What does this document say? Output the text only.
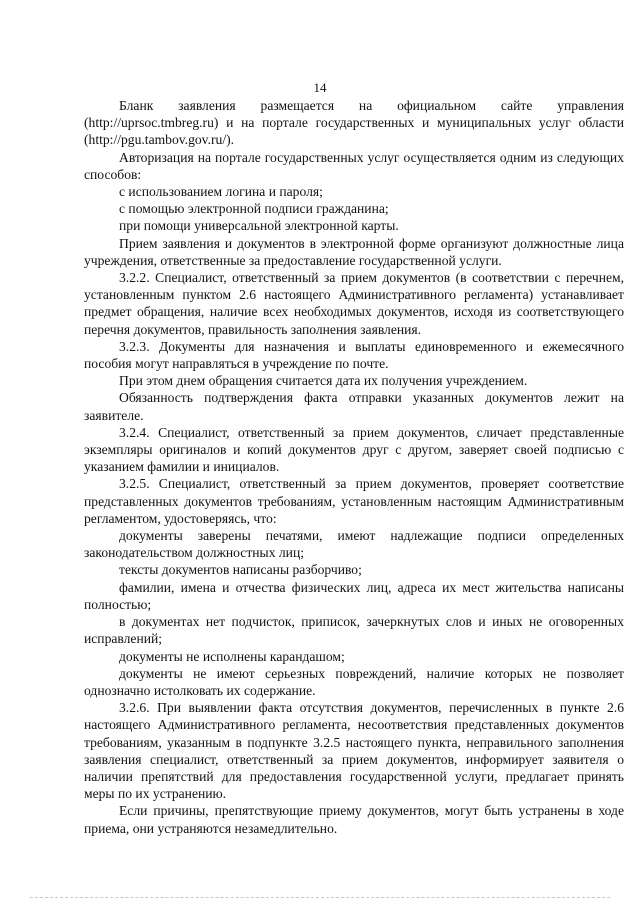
14

Бланк заявления размещается на официальном сайте управления (http://uprsoc.tmbreg.ru) и на портале государственных и муниципальных услуг области (http://pgu.tambov.gov.ru/).

Авторизация на портале государственных услуг осуществляется одним из следующих способов:

с использованием логина и пароля;

с помощью электронной подписи гражданина;

при помощи универсальной электронной карты.

Прием заявления и документов в электронной форме организуют должностные лица учреждения, ответственные за предоставление государственной услуги.

3.2.2. Специалист, ответственный за прием документов (в соответствии с перечнем, установленным пунктом 2.6 настоящего Административного регламента) устанавливает предмет обращения, наличие всех необходимых документов, исходя из соответствующего перечня документов, правильность заполнения заявления.

3.2.3. Документы для назначения и выплаты единовременного и ежемесячного пособия могут направляться в учреждение по почте.

При этом днем обращения считается дата их получения учреждением.

Обязанность подтверждения факта отправки указанных документов лежит на заявителе.

3.2.4. Специалист, ответственный за прием документов, сличает представленные экземпляры оригиналов и копий документов друг с другом, заверяет своей подписью с указанием фамилии и инициалов.

3.2.5. Специалист, ответственный за прием документов, проверяет соответствие представленных документов требованиям, установленным настоящим Административным регламентом, удостоверяясь, что:

документы заверены печатями, имеют надлежащие подписи определенных законодательством должностных лиц;

тексты документов написаны разборчиво;

фамилии, имена и отчества физических лиц, адреса их мест жительства написаны полностью;

в документах нет подчисток, приписок, зачеркнутых слов и иных не оговоренных исправлений;

документы не исполнены карандашом;

документы не имеют серьезных повреждений, наличие которых не позволяет однозначно истолковать их содержание.

3.2.6. При выявлении факта отсутствия документов, перечисленных в пункте 2.6 настоящего Административного регламента, несоответствия представленных документов требованиям, указанным в подпункте 3.2.5 настоящего пункта, неправильного заполнения заявления специалист, ответственный за прием документов, информирует заявителя о наличии препятствий для предоставления государственной услуги, предлагает принять меры по их устранению.

Если причины, препятствующие приему документов, могут быть устранены в ходе приема, они устраняются незамедлительно.
